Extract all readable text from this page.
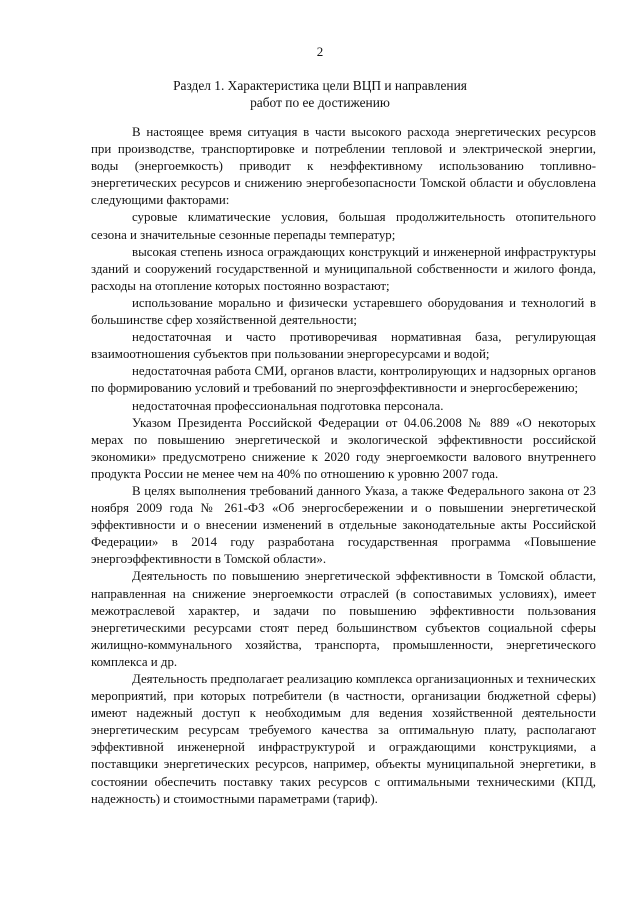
2
Раздел 1. Характеристика цели ВЦП и направления
работ по ее достижению

В настоящее время ситуация в части высокого расхода энергетических ресурсов при производстве, транспортировке и потреблении тепловой и электрической энергии, воды (энергоемкость) приводит к неэффективному использованию топливно-энергетических ресурсов и снижению энергобезопасности Томской области и обусловлена следующими факторами:

суровые климатические условия, большая продолжительность отопительного сезона и значительные сезонные перепады температур;

высокая степень износа ограждающих конструкций и инженерной инфраструктуры зданий и сооружений государственной и муниципальной собственности и жилого фонда, расходы на отопление которых постоянно возрастают;

использование морально и физически устаревшего оборудования и технологий в большинстве сфер хозяйственной деятельности;

недостаточная и часто противоречивая нормативная база, регулирующая взаимоотношения субъектов при пользовании энергоресурсами и водой;

недостаточная работа СМИ, органов власти, контролирующих и надзорных органов по формированию условий и требований по энергоэффективности и энергосбережению;

недостаточная профессиональная подготовка персонала.

Указом Президента Российской Федерации от 04.06.2008 № 889 «О некоторых мерах по повышению энергетической и экологической эффективности российской экономики» предусмотрено снижение к 2020 году энергоемкости валового внутреннего продукта России не менее чем на 40% по отношению к уровню 2007 года.

В целях выполнения требований данного Указа, а также Федерального закона от 23 ноября 2009 года № 261-ФЗ «Об энергосбережении и о повышении энергетической эффективности и о внесении изменений в отдельные законодательные акты Российской Федерации» в 2014 году разработана государственная программа «Повышение энергоэффективности в Томской области».

Деятельность по повышению энергетической эффективности в Томской области, направленная на снижение энергоемкости отраслей (в сопоставимых условиях), имеет межотраслевой характер, и задачи по повышению эффективности пользования энергетическими ресурсами стоят перед большинством субъектов социальной сферы жилищно-коммунального хозяйства, транспорта, промышленности, энергетического комплекса и др.

Деятельность предполагает реализацию комплекса организационных и технических мероприятий, при которых потребители (в частности, организации бюджетной сферы) имеют надежный доступ к необходимым для ведения хозяйственной деятельности энергетическим ресурсам требуемого качества за оптимальную плату, располагают эффективной инженерной инфраструктурой и ограждающими конструкциями, а поставщики энергетических ресурсов, например, объекты муниципальной энергетики, в состоянии обеспечить поставку таких ресурсов с оптимальными техническими (КПД, надежность) и стоимостными параметрами (тариф).
